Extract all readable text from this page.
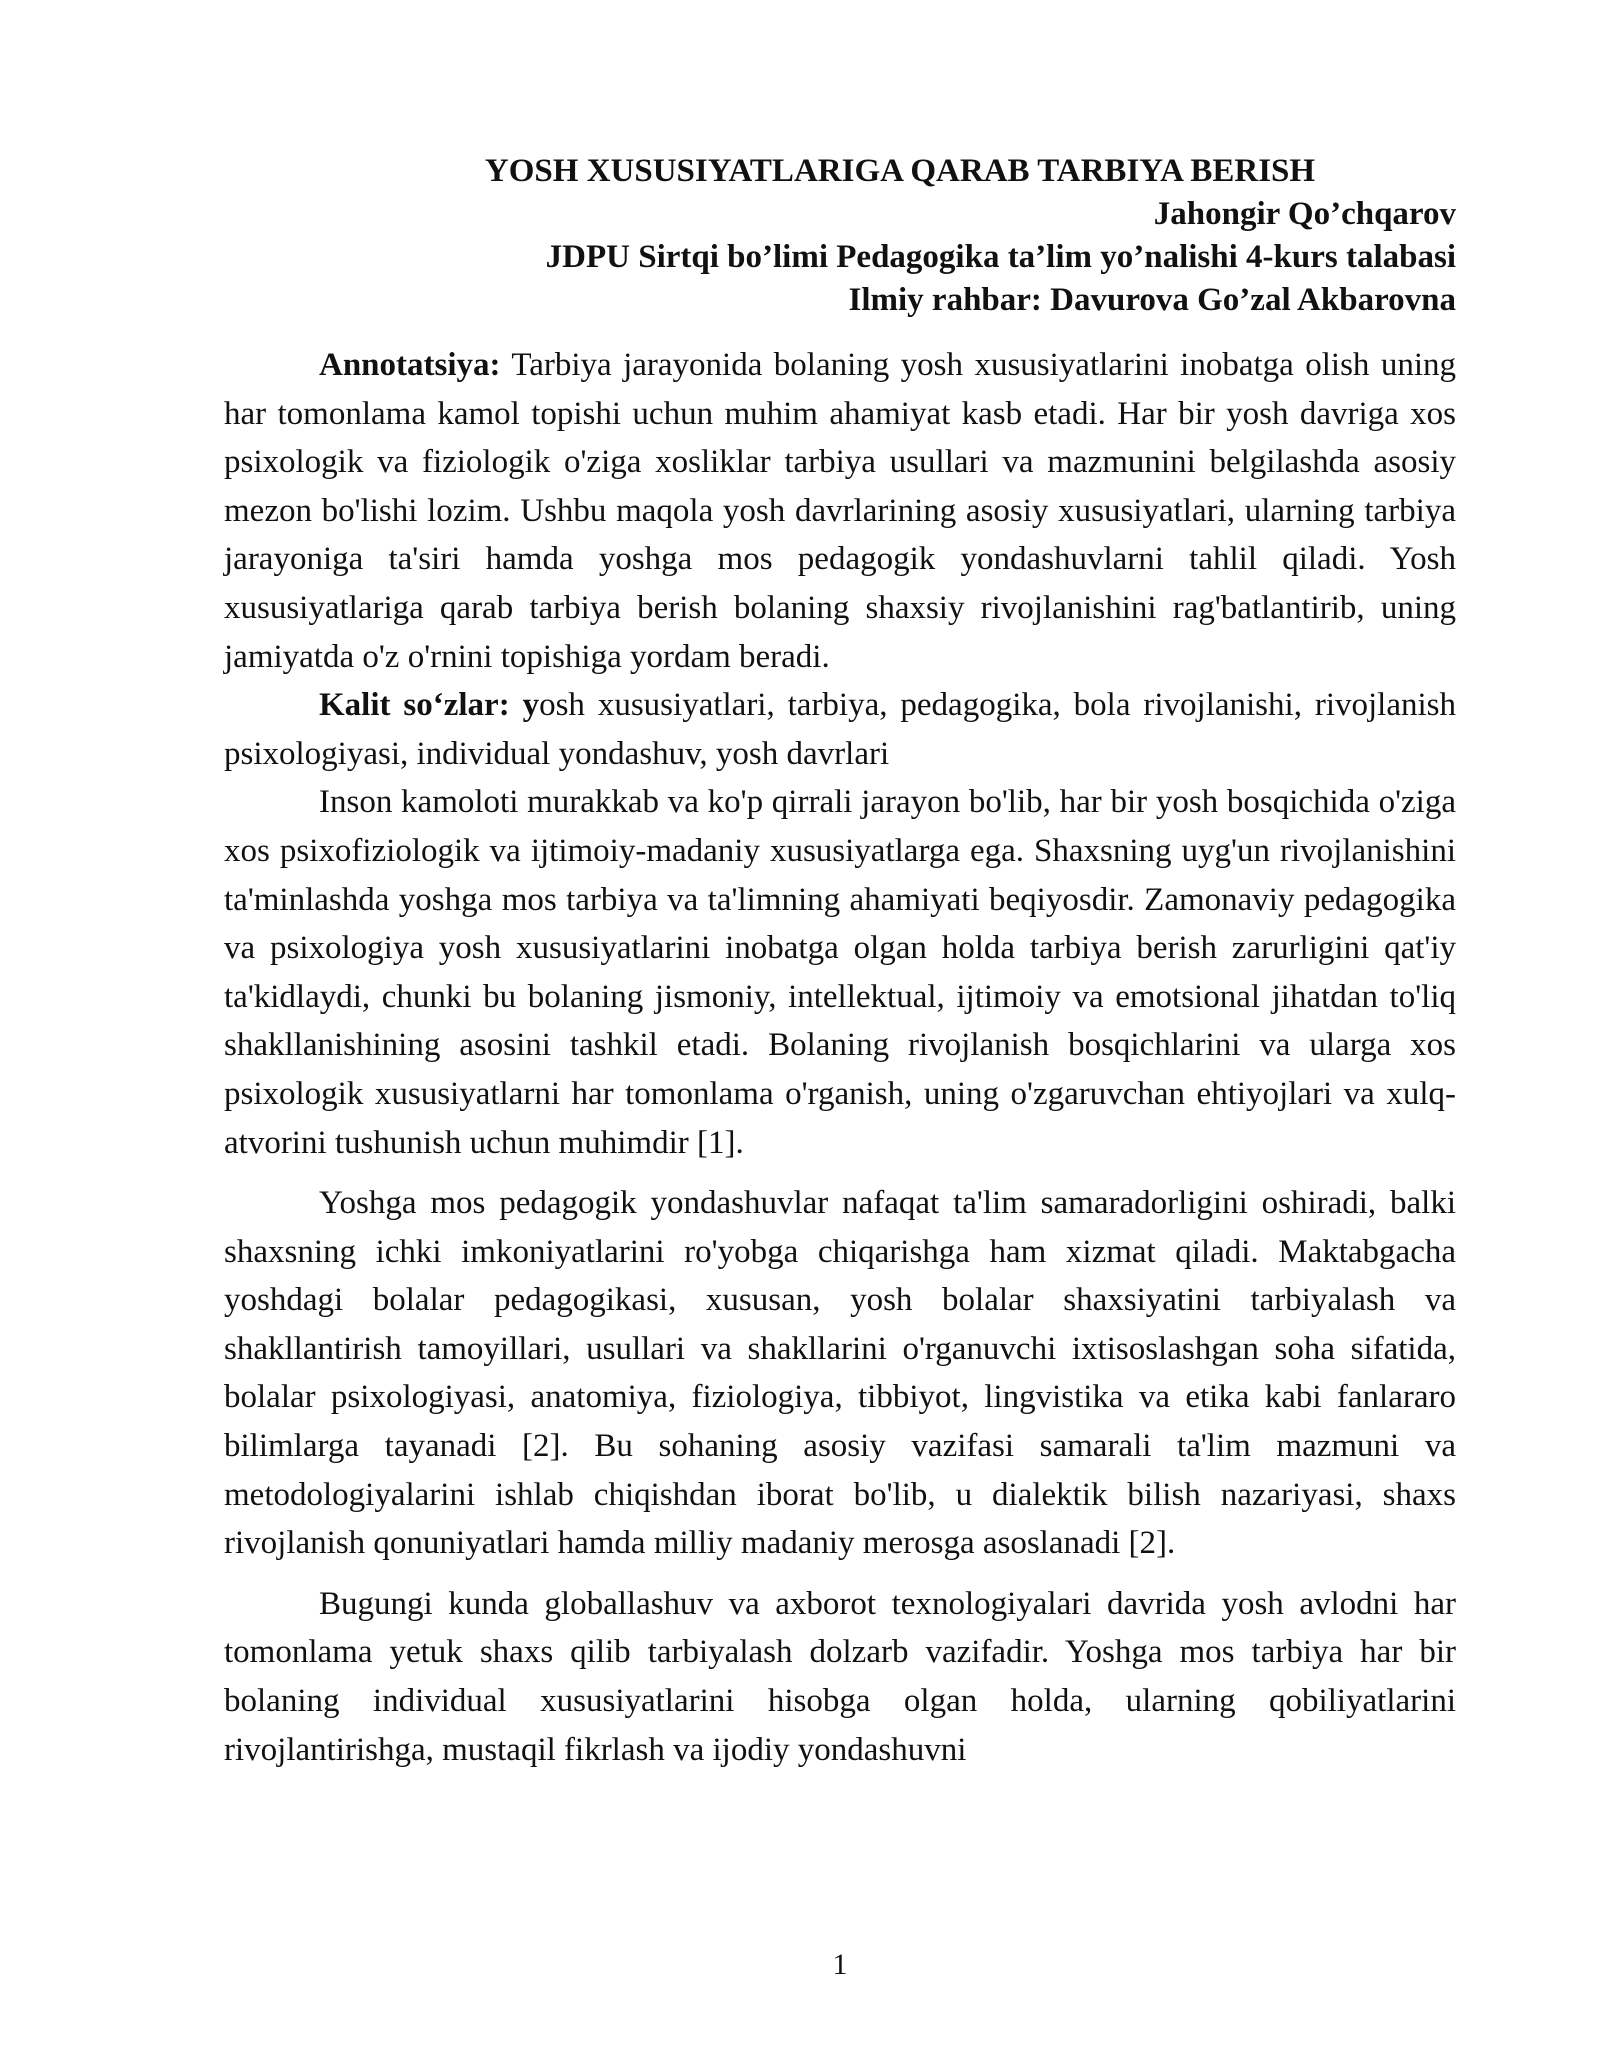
YOSH XUSUSIYATLARIGA QARAB TARBIYA BERISH

Jahongir Qo’chqarov

JDPU Sirtqi bo’limi Pedagogika ta’lim yo’nalishi 4-kurs talabasi

Ilmiy rahbar: Davurova Go’zal Akbarovna

Annotatsiya: Tarbiya jarayonida bolaning yosh xususiyatlarini inobatga olish uning har tomonlama kamol topishi uchun muhim ahamiyat kasb etadi. Har bir yosh davriga xos psixologik va fiziologik o'ziga xosliklar tarbiya usullari va mazmunini belgilashda asosiy mezon bo'lishi lozim. Ushbu maqola yosh davrlarining asosiy xususiyatlari, ularning tarbiya jarayoniga ta'siri hamda yoshga mos pedagogik yondashuvlarni tahlil qiladi. Yosh xususiyatlariga qarab tarbiya berish bolaning shaxsiy rivojlanishini rag'batlantirib, uning jamiyatda o'z o'rnini topishiga yordam beradi.

Kalit so‘zlar: yosh xususiyatlari, tarbiya, pedagogika, bola rivojlanishi, rivojlanish psixologiyasi, individual yondashuv, yosh davrlari

Inson kamoloti murakkab va ko'p qirrali jarayon bo'lib, har bir yosh bosqichida o'ziga xos psixofiziologik va ijtimoiy-madaniy xususiyatlarga ega. Shaxsning uyg'un rivojlanishini ta'minlashda yoshga mos tarbiya va ta'limning ahamiyati beqiyosdir. Zamonaviy pedagogika va psixologiya yosh xususiyatlarini inobatga olgan holda tarbiya berish zarurligini qat'iy ta'kidlaydi, chunki bu bolaning jismoniy, intellektual, ijtimoiy va emotsional jihatdan to'liq shakllanishining asosini tashkil etadi. Bolaning rivojlanish bosqichlarini va ularga xos psixologik xususiyatlarni har tomonlama o'rganish, uning o'zgaruvchan ehtiyojlari va xulq-atvorini tushunish uchun muhimdir [1].

Yoshga mos pedagogik yondashuvlar nafaqat ta'lim samaradorligini oshiradi, balki shaxsning ichki imkoniyatlarini ro'yobga chiqarishga ham xizmat qiladi. Maktabgacha yoshdagi bolalar pedagogikasi, xususan, yosh bolalar shaxsiyatini tarbiyalash va shakllantirish tamoyillari, usullari va shakllarini o'rganuvchi ixtisoslashgan soha sifatida, bolalar psixologiyasi, anatomiya, fiziologiya, tibbiyot, lingvistika va etika kabi fanlararo bilimlarga tayanadi [2]. Bu sohaning asosiy vazifasi samarali ta'lim mazmuni va metodologiyalarini ishlab chiqishdan iborat bo'lib, u dialektik bilish nazariyasi, shaxs rivojlanish qonuniyatlari hamda milliy madaniy merosga asoslanadi [2].

Bugungi kunda globallashuv va axborot texnologiyalari davrida yosh avlodni har tomonlama yetuk shaxs qilib tarbiyalash dolzarb vazifadir. Yoshga mos tarbiya har bir bolaning individual xususiyatlarini hisobga olgan holda, ularning qobiliyatlarini rivojlantirishga, mustaqil fikrlash va ijodiy yondashuvni

1
